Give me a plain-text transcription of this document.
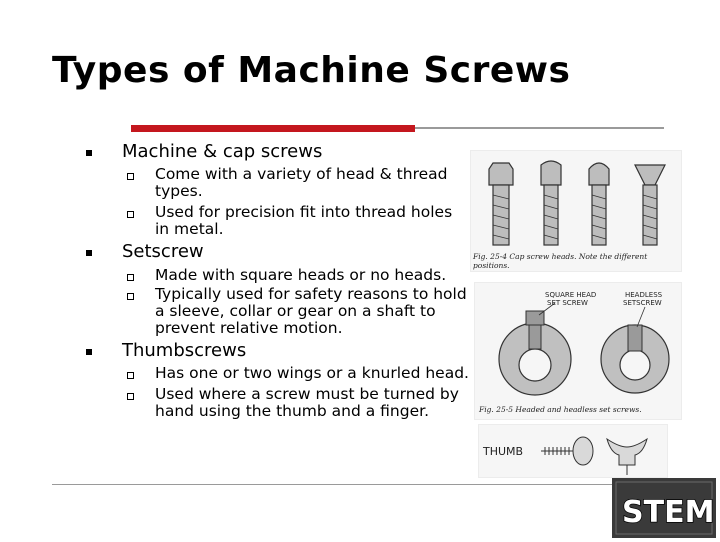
Types of Machine Screws
Machine & cap screws
Come with a variety of head & thread types.
Used for precision fit into thread holes in metal.
Setscrew
Made with square heads or no heads.
Typically used for safety reasons to hold a sleeve, collar or gear on a shaft to prevent relative motion.
Thumbscrews
Has one or two wings or a knurled head.
Used where a screw must be turned by hand using the thumb and a finger.
Fig. 25-4 Cap screw heads. Note the different
positions.
SQUARE HEAD
SET SCREW
HEADLESS
SETSCREW
Fig. 25-5 Headed and headless set screws.
THUMB
STEM
